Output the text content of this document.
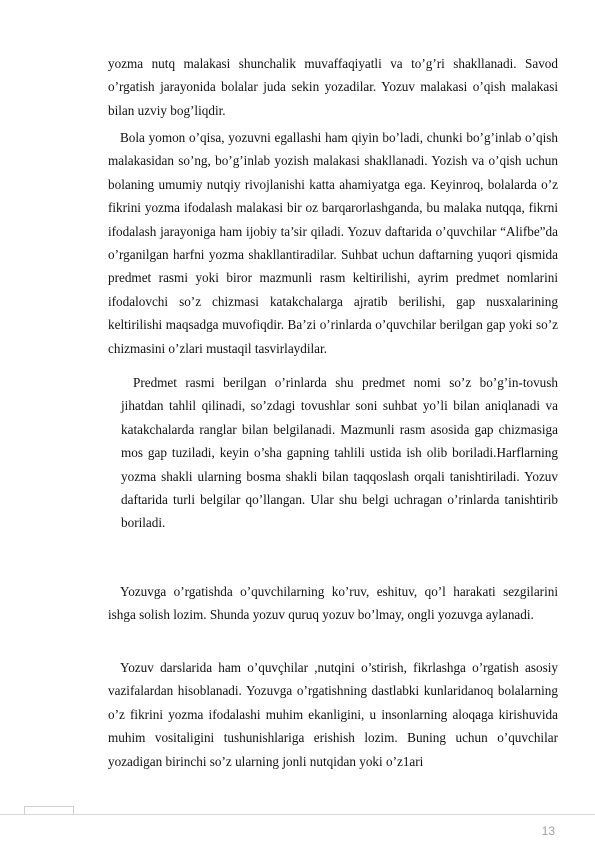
yozma nutq malakasi shunchalik muvaffaqiyatli va to’g’ri shakllanadi. Savod o’rgatish jarayonida bolalar juda sekin yozadilar. Yozuv malakasi o’qish malakasi bilan uzviy bog’liqdir.

Bola yomon o’qisa, yozuvni egallashi ham qiyin bo’ladi, chunki bo’g’inlab o’qish malakasidan so’ng, bo’g’inlab yozish malakasi shakllanadi. Yozish va o’qish uchun bolaning umumiy nutqiy rivojlanishi katta ahamiyatga ega. Keyinroq, bolalarda o’z fikrini yozma ifodalash malakasi bir oz barqarorlashganda, bu malaka nutqqa, fikrni ifodalash jarayoniga ham ijobiy ta’sir qiladi. Yozuv daftarida o’quvchilar “Alifbe”da o’rganilgan harfni yozma shakllantiradilar. Suhbat uchun daftarning yuqori qismida predmet rasmi yoki biror mazmunli rasm keltirilishi, ayrim predmet nomlarini ifodalovchi so’z chizmasi katakchalarga ajratib berilishi, gap nusxalarining keltirilishi maqsadga muvofiqdir. Ba’zi o’rinlarda o’quvchilar berilgan gap yoki so’z chizmasini o’zlari mustaqil tasvirlaydilar.

Predmet rasmi berilgan o’rinlarda shu predmet nomi so’z bo’g’in-tovush jihatdan tahlil qilinadi, so’zdagi tovushlar soni suhbat yo’li bilan aniqlanadi va katakchalarda ranglar bilan belgilanadi. Mazmunli rasm asosida gap chizmasiga mos gap tuziladi, keyin o’sha gapning tahlili ustida ish olib boriladi.Harflarning yozma shakli ularning bosma shakli bilan taqqoslash orqali tanishtiriladi. Yozuv daftarida turli belgilar qo’llangan. Ular shu belgi uchragan o’rinlarda tanishtirib boriladi.

Yozuvga o’rgatishda o’quvchilarning ko’ruv, eshituv, qo’l harakati sezgilarini ishga solish lozim. Shunda yozuv quruq yozuv bo’lmay, ongli yozuvga aylanadi.

Yozuv darslarida ham o’quvçhilar ,nutqini o’stirish, fikrlashga o’rgatish asosiy vazifalardan hisoblanadi. Yozuvga o’rgatishning dastlabki kunlaridanoq bolalarning o’z fikrini yozma ifodalashi muhim ekanligini, u insonlarning aloqaga kirishuvida muhim vositaligini tushunishlariga erishish lozim. Buning uchun o’quvchilar yozadigan birinchi so’z ularning jonli nutqidan yoki o’z1ari

13
